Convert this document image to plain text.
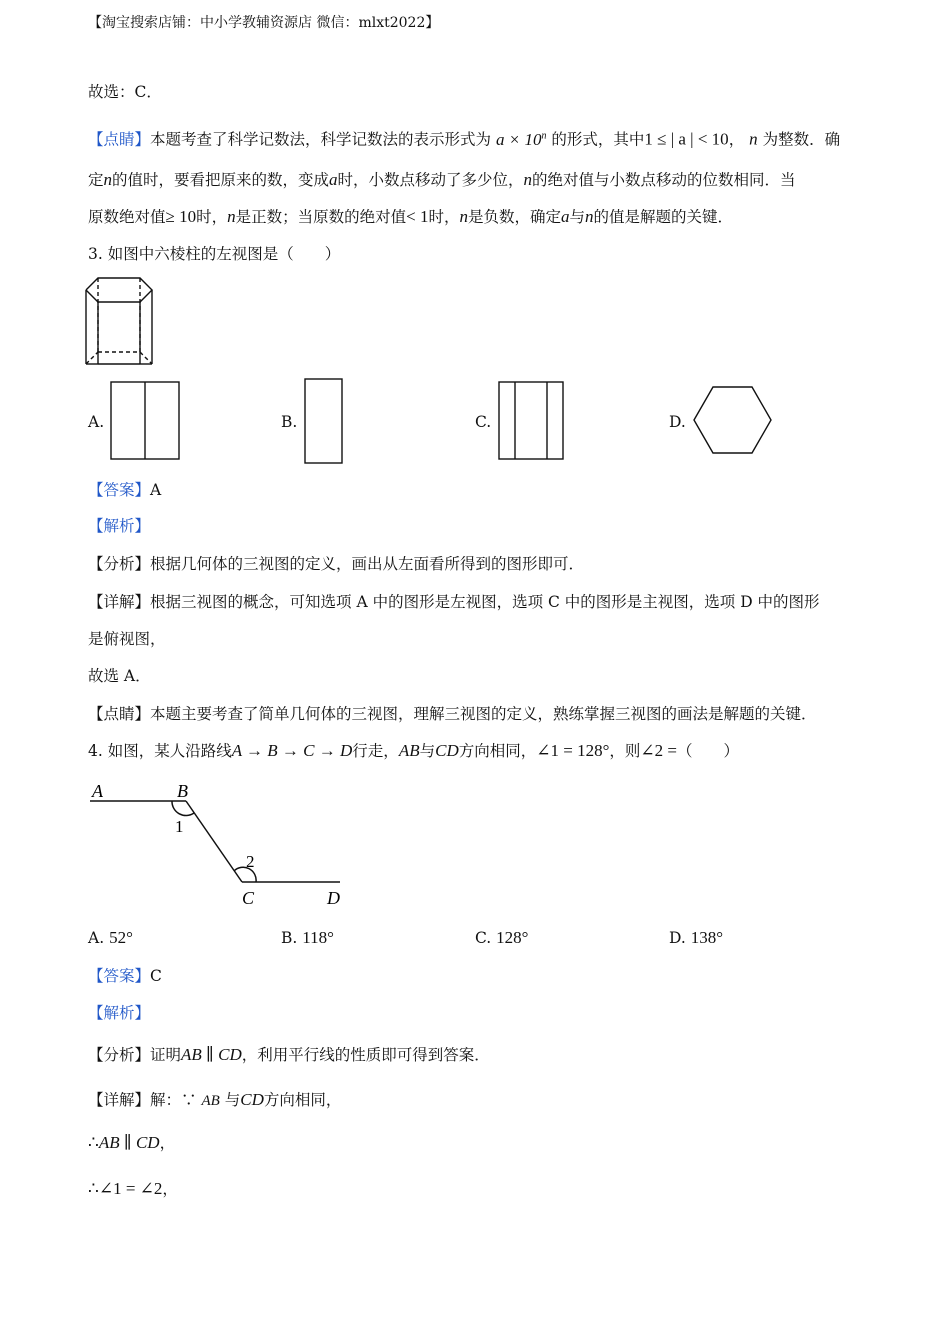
【淘宝搜索店铺：中小学教辅资源店 微信：mlxt2022】
故选：C．
【点睛】本题考查了科学记数法，科学记数法的表示形式为 $a \times 10^n$ 的形式，其中1 ≤ | a | < 10， n 为整数．确
定n的值时，要看把原来的数，变成a时，小数点移动了多少位，n的绝对值与小数点移动的位数相同．当
原数绝对值≥ 10时，n是正数；当原数的绝对值< 1时，n是负数，确定a与n的值是解题的关键．
3. 如图中六棱柱的左视图是（　　）
A.	B.	C.	D.
【答案】A
【解析】
【分析】根据几何体的三视图的定义，画出从左面看所得到的图形即可．
【详解】根据三视图的概念，可知选项 A 中的图形是左视图，选项 C 中的图形是主视图，选项 D 中的图形
是俯视图，
故选 A．
【点睛】本题主要考查了简单几何体的三视图，理解三视图的定义，熟练掌握三视图的画法是解题的关键．
4. 如图，某人沿路线A → B → C → D行走，AB与CD方向相同，∠1 = 128°，则∠2 =（　　）
A	B
1
2
C	D
A. 52°	B. 118°	C. 128°	D. 138°
【答案】C
【解析】
【分析】证明AB ∥ CD，利用平行线的性质即可得到答案．
【详解】解：∵ AB 与CD方向相同，
∴AB ∥ CD，
∴∠1 = ∠2，
